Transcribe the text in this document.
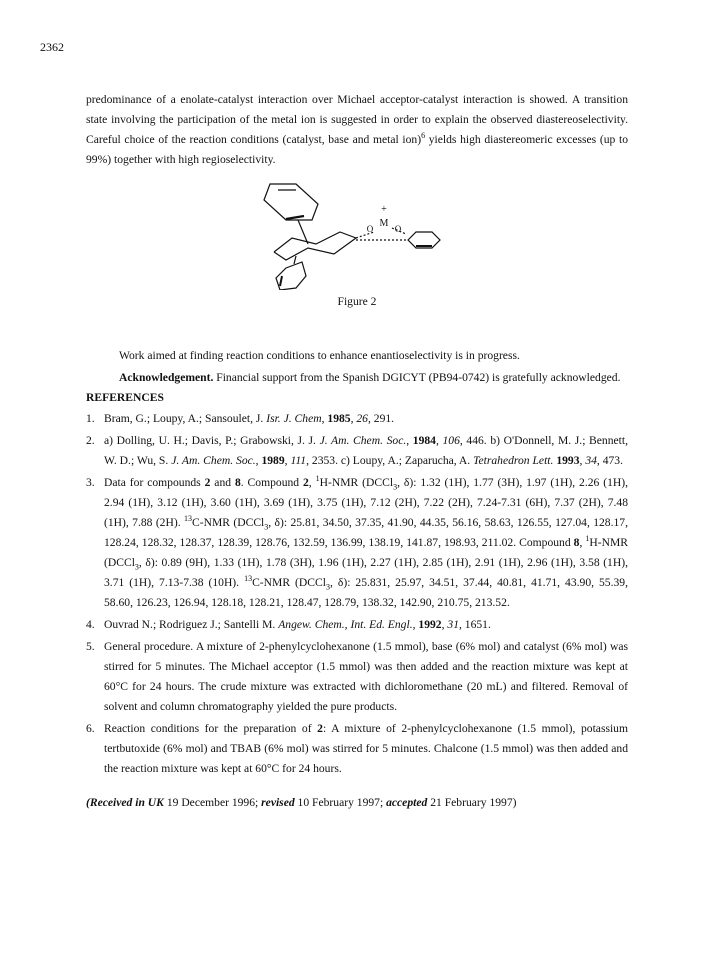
2362

predominance of a enolate-catalyst interaction over Michael acceptor-catalyst interaction is showed. A transition state involving the participation of the metal ion is suggested in order to explain the observed diastereoselectivity. Careful choice of the reaction conditions (catalyst, base and metal ion)$^6$ yields high diastereomeric excesses (up to 99%) together with high regioselectivity.

+
M
O O
Figure 2

Work aimed at finding reaction conditions to enhance enantioselectivity is in progress.

Acknowledgement. Financial support from the Spanish DGICYT (PB94-0742) is gratefully acknowledged.

REFERENCES
1. Bram, G.; Loupy, A.; Sansoulet, J. Isr. J. Chem, 1985, 26, 291.
2. a) Dolling, U. H.; Davis, P.; Grabowski, J. J. J. Am. Chem. Soc., 1984, 106, 446. b) O'Donnell, M. J.; Bennett, W. D.; Wu, S. J. Am. Chem. Soc., 1989, 111, 2353. c) Loupy, A.; Zaparucha, A. Tetrahedron Lett. 1993, 34, 473.
3. Data for compounds 2 and 8. Compound 2, $^1$H-NMR (DCCl$_3$, δ): 1.32 (1H), 1.77 (3H), 1.97 (1H), 2.26 (1H), 2.94 (1H), 3.12 (1H), 3.60 (1H), 3.69 (1H), 3.75 (1H), 7.12 (2H), 7.22 (2H), 7.24-7.31 (6H), 7.37 (2H), 7.48 (1H), 7.88 (2H). $^{13}$C-NMR (DCCl$_3$, δ): 25.81, 34.50, 37.35, 41.90, 44.35, 56.16, 58.63, 126.55, 127.04, 128.17, 128.24, 128.32, 128.37, 128.39, 128.76, 132.59, 136.99, 138.19, 141.87, 198.93, 211.02. Compound 8, $^1$H-NMR (DCCl$_3$, δ): 0.89 (9H), 1.33 (1H), 1.78 (3H), 1.96 (1H), 2.27 (1H), 2.85 (1H), 2.91 (1H), 2.96 (1H), 3.58 (1H), 3.71 (1H), 7.13-7.38 (10H). $^{13}$C-NMR (DCCl$_3$, δ): 25.831, 25.97, 34.51, 37.44, 40.81, 41.71, 43.90, 55.39, 58.60, 126.23, 126.94, 128.18, 128.21, 128.47, 128.79, 138.32, 142.90, 210.75, 213.52.
4. Ouvrad N.; Rodriguez J.; Santelli M. Angew. Chem., Int. Ed. Engl., 1992, 31, 1651.
5. General procedure. A mixture of 2-phenylcyclohexanone (1.5 mmol), base (6% mol) and catalyst (6% mol) was stirred for 5 minutes. The Michael acceptor (1.5 mmol) was then added and the reaction mixture was kept at 60°C for 24 hours. The crude mixture was extracted with dichloromethane (20 mL) and filtered. Removal of solvent and column chromatography yielded the pure products.
6. Reaction conditions for the preparation of 2: A mixture of 2-phenylcyclohexanone (1.5 mmol), potassium tertbutoxide (6% mol) and TBAB (6% mol) was stirred for 5 minutes. Chalcone (1.5 mmol) was then added and the reaction mixture was kept at 60°C for 24 hours.
(Received in UK 19 December 1996; revised 10 February 1997; accepted 21 February 1997)
